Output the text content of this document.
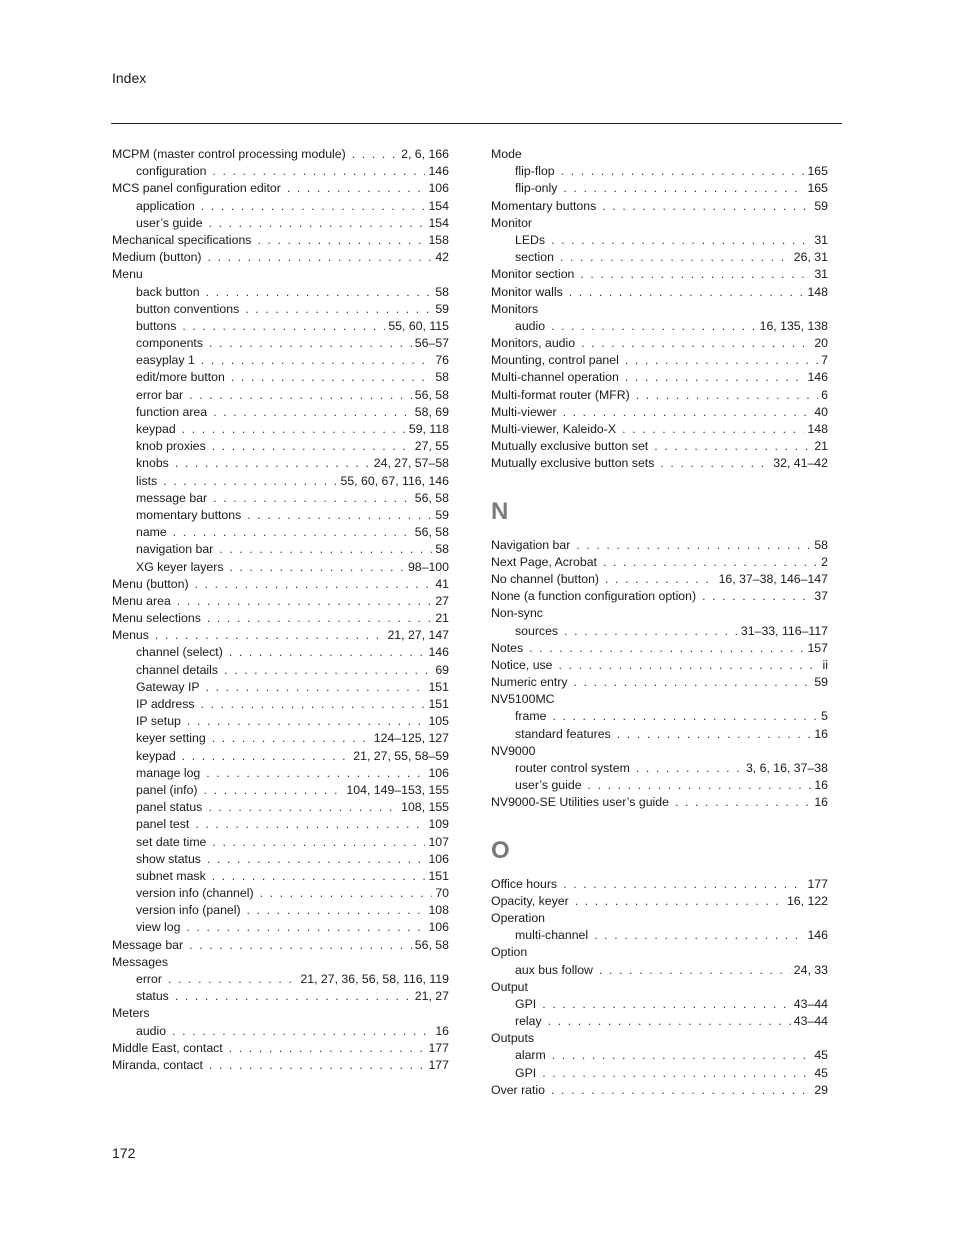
Index
MCPM (master control processing module) . . .	2, 6, 166
configuration . . .	146
MCS panel configuration editor . . .	106
application . . .	154
user’s guide . . .	154
Mechanical specifications . . .	158
Medium (button) . . .	42
Menu
back button . . .	58
button conventions . . .	59
buttons . . .	55, 60, 115
components . . .	56–57
easyplay 1 . . .	76
edit/more button . . .	58
error bar . . .	56, 58
function area . . .	58, 69
keypad . . .	59, 118
knob proxies . . .	27, 55
knobs . . .	24, 27, 57–58
lists . . .	55, 60, 67, 116, 146
message bar . . .	56, 58
momentary buttons . . .	59
name . . .	56, 58
navigation bar . . .	58
XG keyer layers . . .	98–100
Menu (button) . . .	41
Menu area . . .	27
Menu selections . . .	21
Menus . . .	21, 27, 147
channel (select) . . .	146
channel details . . .	69
Gateway IP . . .	151
IP address . . .	151
IP setup . . .	105
keyer setting . . .	124–125, 127
keypad . . .	21, 27, 55, 58–59
manage log . . .	106
panel (info) . . .	104, 149–153, 155
panel status . . .	108, 155
panel test . . .	109
set date time . . .	107
show status . . .	106
subnet mask . . .	151
version info (channel) . . .	70
version info (panel) . . .	108
view log . . .	106
Message bar . . .	56, 58
Messages
error . . .	21, 27, 36, 56, 58, 116, 119
status . . .	21, 27
Meters
audio . . .	16
Middle East, contact . . .	177
Miranda, contact . . .	177
Mode
flip-flop . . .	165
flip-only . . .	165
Momentary buttons . . .	59
Monitor
LEDs . . .	31
section . . .	26, 31
Monitor section . . .	31
Monitor walls . . .	148
Monitors
audio . . .	16, 135, 138
Monitors, audio . . .	20
Mounting, control panel . . .	7
Multi-channel operation . . .	146
Multi-format router (MFR) . . .	6
Multi-viewer . . .	40
Multi-viewer, Kaleido-X . . .	148
Mutually exclusive button set . . .	21
Mutually exclusive button sets . . .	32, 41–42
N
Navigation bar . . .	58
Next Page, Acrobat . . .	2
No channel (button) . . .	16, 37–38, 146–147
None (a function configuration option) . . .	37
Non-sync
sources . . .	31–33, 116–117
Notes . . .	157
Notice, use . . .	ii
Numeric entry . . .	59
NV5100MC
frame . . .	5
standard features . . .	16
NV9000
router control system . . .	3, 6, 16, 37–38
user’s guide . . .	16
NV9000-SE Utilities user’s guide . . .	16
O
Office hours . . .	177
Opacity, keyer . . .	16, 122
Operation
multi-channel . . .	146
Option
aux bus follow . . .	24, 33
Output
GPI . . .	43–44
relay . . .	43–44
Outputs
alarm . . .	45
GPI . . .	45
Over ratio . . .	29
172
